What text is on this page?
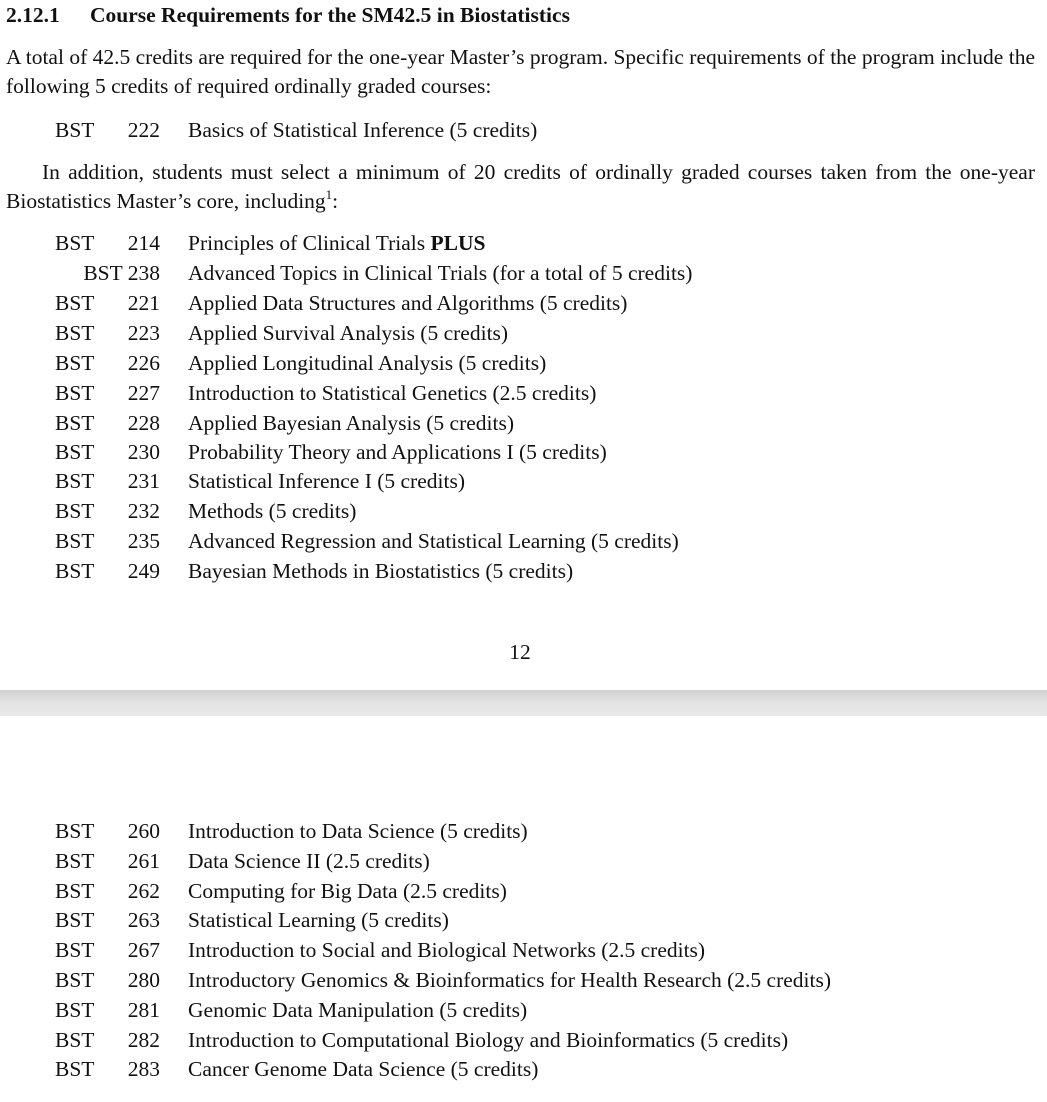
2.12.1 Course Requirements for the SM42.5 in Biostatistics
A total of 42.5 credits are required for the one-year Master’s program. Specific requirements of the program include the following 5 credits of required ordinally graded courses:
BST	222 Basics of Statistical Inference (5 credits)
In addition, students must select a minimum of 20 credits of ordinally graded courses taken from the one-year Biostatistics Master’s core, including$^1$:
BST	214 Principles of Clinical Trials PLUS
BST 238 Advanced Topics in Clinical Trials (for a total of 5 credits)
BST	221 Applied Data Structures and Algorithms (5 credits)
BST	223 Applied Survival Analysis (5 credits)
BST	226 Applied Longitudinal Analysis (5 credits)
BST	227 Introduction to Statistical Genetics (2.5 credits)
BST	228 Applied Bayesian Analysis (5 credits)
BST	230 Probability Theory and Applications I (5 credits)
BST	231 Statistical Inference I (5 credits)
BST	232 Methods (5 credits)
BST	235 Advanced Regression and Statistical Learning (5 credits)
BST	249 Bayesian Methods in Biostatistics (5 credits)
12
BST	260 Introduction to Data Science (5 credits)
BST	261 Data Science II (2.5 credits)
BST	262 Computing for Big Data (2.5 credits)
BST	263 Statistical Learning (5 credits)
BST	267 Introduction to Social and Biological Networks (2.5 credits)
BST	280 Introductory Genomics & Bioinformatics for Health Research (2.5 credits)
BST	281 Genomic Data Manipulation (5 credits)
BST	282 Introduction to Computational Biology and Bioinformatics (5 credits)
BST	283 Cancer Genome Data Science (5 credits)
